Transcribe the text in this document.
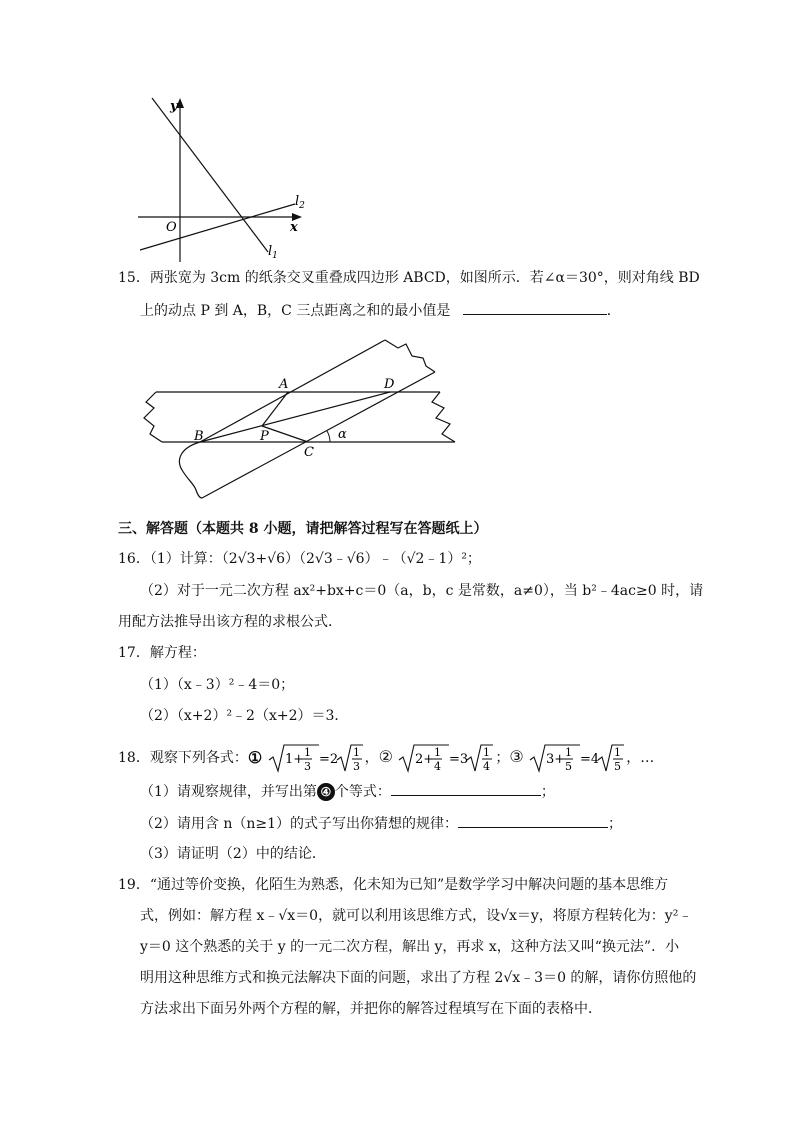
y
x
O
$l_2$
$l_1$
15．两张宽为 3cm 的纸条交叉重叠成四边形 ABCD，如图所示．若∠α＝30°，则对角线 BD
上的动点 P 到 A，B，C 三点距离之和的最小值是	．
A	D
B	P
C
α
三、解答题（本题共 8 小题，请把解答过程写在答题纸上）
16．（1）计算：（2√3+√6）（2√3﹣√6）﹣（√2﹣1）²；
（2）对于一元二次方程 ax²+bx+c＝0（a，b，c 是常数，a≠0），当 b²﹣4ac≥0 时，请
用配方法推导出该方程的求根公式．
17．解方程：
（1）（x﹣3）²﹣4＝0；
（2）（x+2）²﹣2（x+2）＝3．
18．观察下列各式：① 1+ 1
3 =2 1
3
，② 2+ 1
4 =3 1
4
；③ 3+ 1
5 =4 1
5
，…
（1）请观察规律，并写出第 ④ 个等式：	；
（2）请用含 n（n≥1）的式子写出你猜想的规律：	；
（3）请证明（2）中的结论．
19．“通过等价变换，化陌生为熟悉，化未知为已知”是数学学习中解决问题的基本思维方
式，例如：解方程 x﹣√x＝0，就可以利用该思维方式，设√x＝y，将原方程转化为：y²﹣
y＝0 这个熟悉的关于 y 的一元二次方程，解出 y，再求 x，这种方法又叫“换元法”．小
明用这种思维方式和换元法解决下面的问题，求出了方程 2√x﹣3＝0 的解，请你仿照他的
方法求出下面另外两个方程的解，并把你的解答过程填写在下面的表格中．
